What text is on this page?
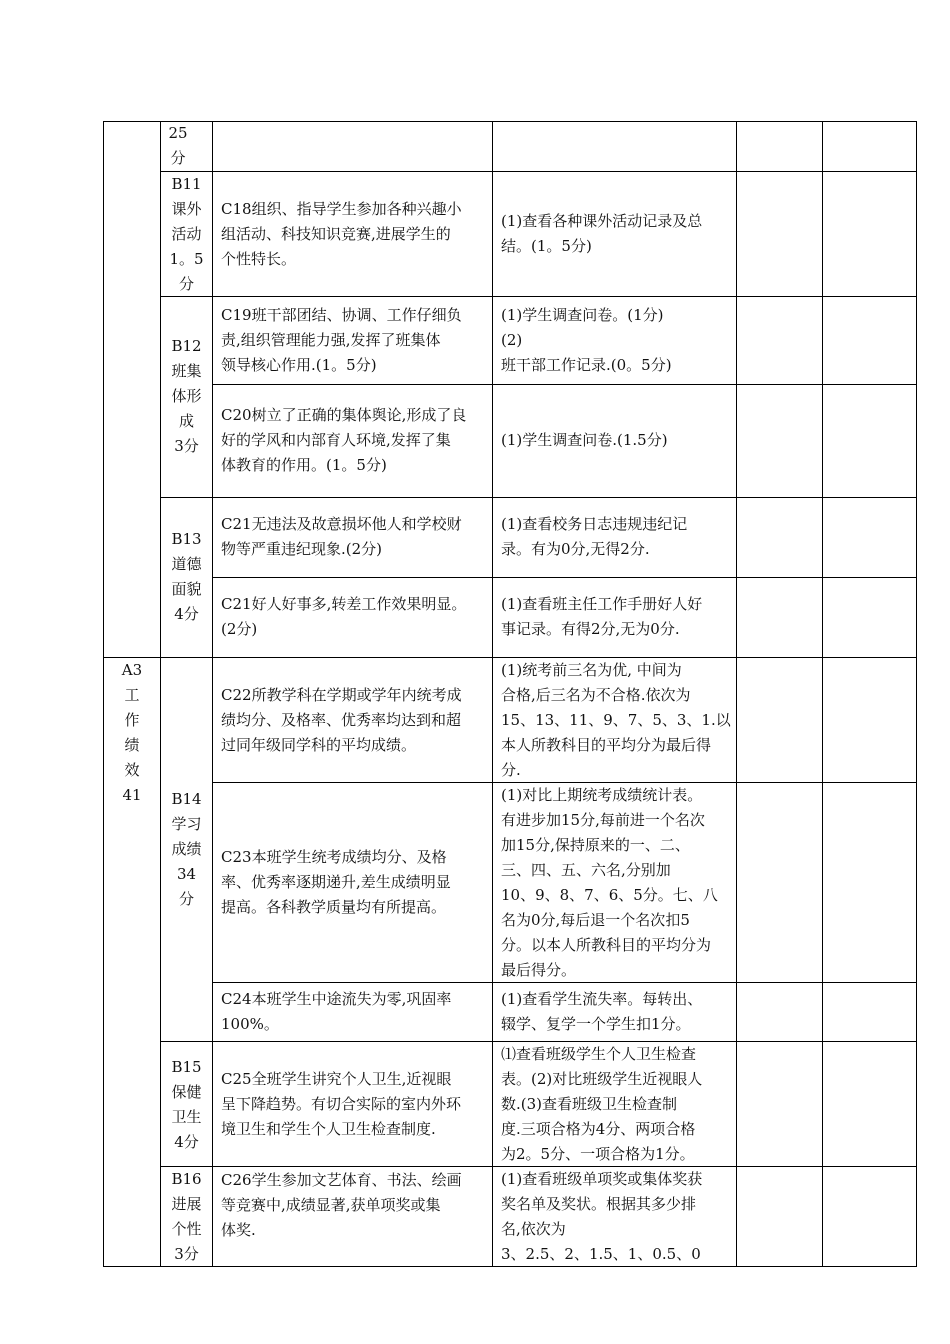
A3
工
作
绩
效
41
25
分
B11
课外
活动
1。5
分
B12
班集
体形
成
3分
B13
道德
面貌
4分
B14
学习
成绩
34
分
B15
保健
卫生
4分
B16
进展
个性
3分
C18组织、指导学生参加各种兴趣小
组活动、科技知识竞赛,进展学生的
个性特长。
C19班干部团结、协调、工作仔细负
责,组织管理能力强,发挥了班集体
领导核心作用.(1。5分)
C20树立了正确的集体舆论,形成了良
好的学风和内部育人环境,发挥了集
体教育的作用。(1。5分)
C21无违法及故意损坏他人和学校财
物等严重违纪现象.(2分)
C21好人好事多,转差工作效果明显。
(2分)
C22所教学科在学期或学年内统考成
绩均分、及格率、优秀率均达到和超
过同年级同学科的平均成绩。
C23本班学生统考成绩均分、及格
率、优秀率逐期递升,差生成绩明显
提高。各科教学质量均有所提高。
C24本班学生中途流失为零,巩固率
100%。
C25全班学生讲究个人卫生,近视眼
呈下降趋势。有切合实际的室内外环
境卫生和学生个人卫生检查制度.
C26学生参加文艺体育、书法、绘画
等竞赛中,成绩显著,获单项奖或集
体奖.
(1)查看各种课外活动记录及总
结。(1。5分)
(1)学生调查问卷。(1分)
(2)
班干部工作记录.(0。5分)
(1)学生调查问卷.(1.5分)
(1)查看校务日志违规违纪记
录。有为0分,无得2分.
(1)查看班主任工作手册好人好
事记录。有得2分,无为0分.
(1)统考前三名为优, 中间为
合格,后三名为不合格.依次为
15、13、11、9、7、5、3、1.以
本人所教科目的平均分为最后得
分.
(1)对比上期统考成绩统计表。
有进步加15分,每前进一个名次
加15分,保持原来的一、二、
三、四、五、六名,分别加
10、9、8、7、6、5分。七、八
名为0分,每后退一个名次扣5
分。以本人所教科目的平均分为
最后得分。
(1)查看学生流失率。每转出、
辍学、复学一个学生扣1分。
⑴查看班级学生个人卫生检查
表。(2)对比班级学生近视眼人
数.(3)查看班级卫生检查制
度.三项合格为4分、两项合格
为2。5分、一项合格为1分。
(1)查看班级单项奖或集体奖获
奖名单及奖状。根据其多少排
名,依次为
3、2.5、2、1.5、1、0.5、0
